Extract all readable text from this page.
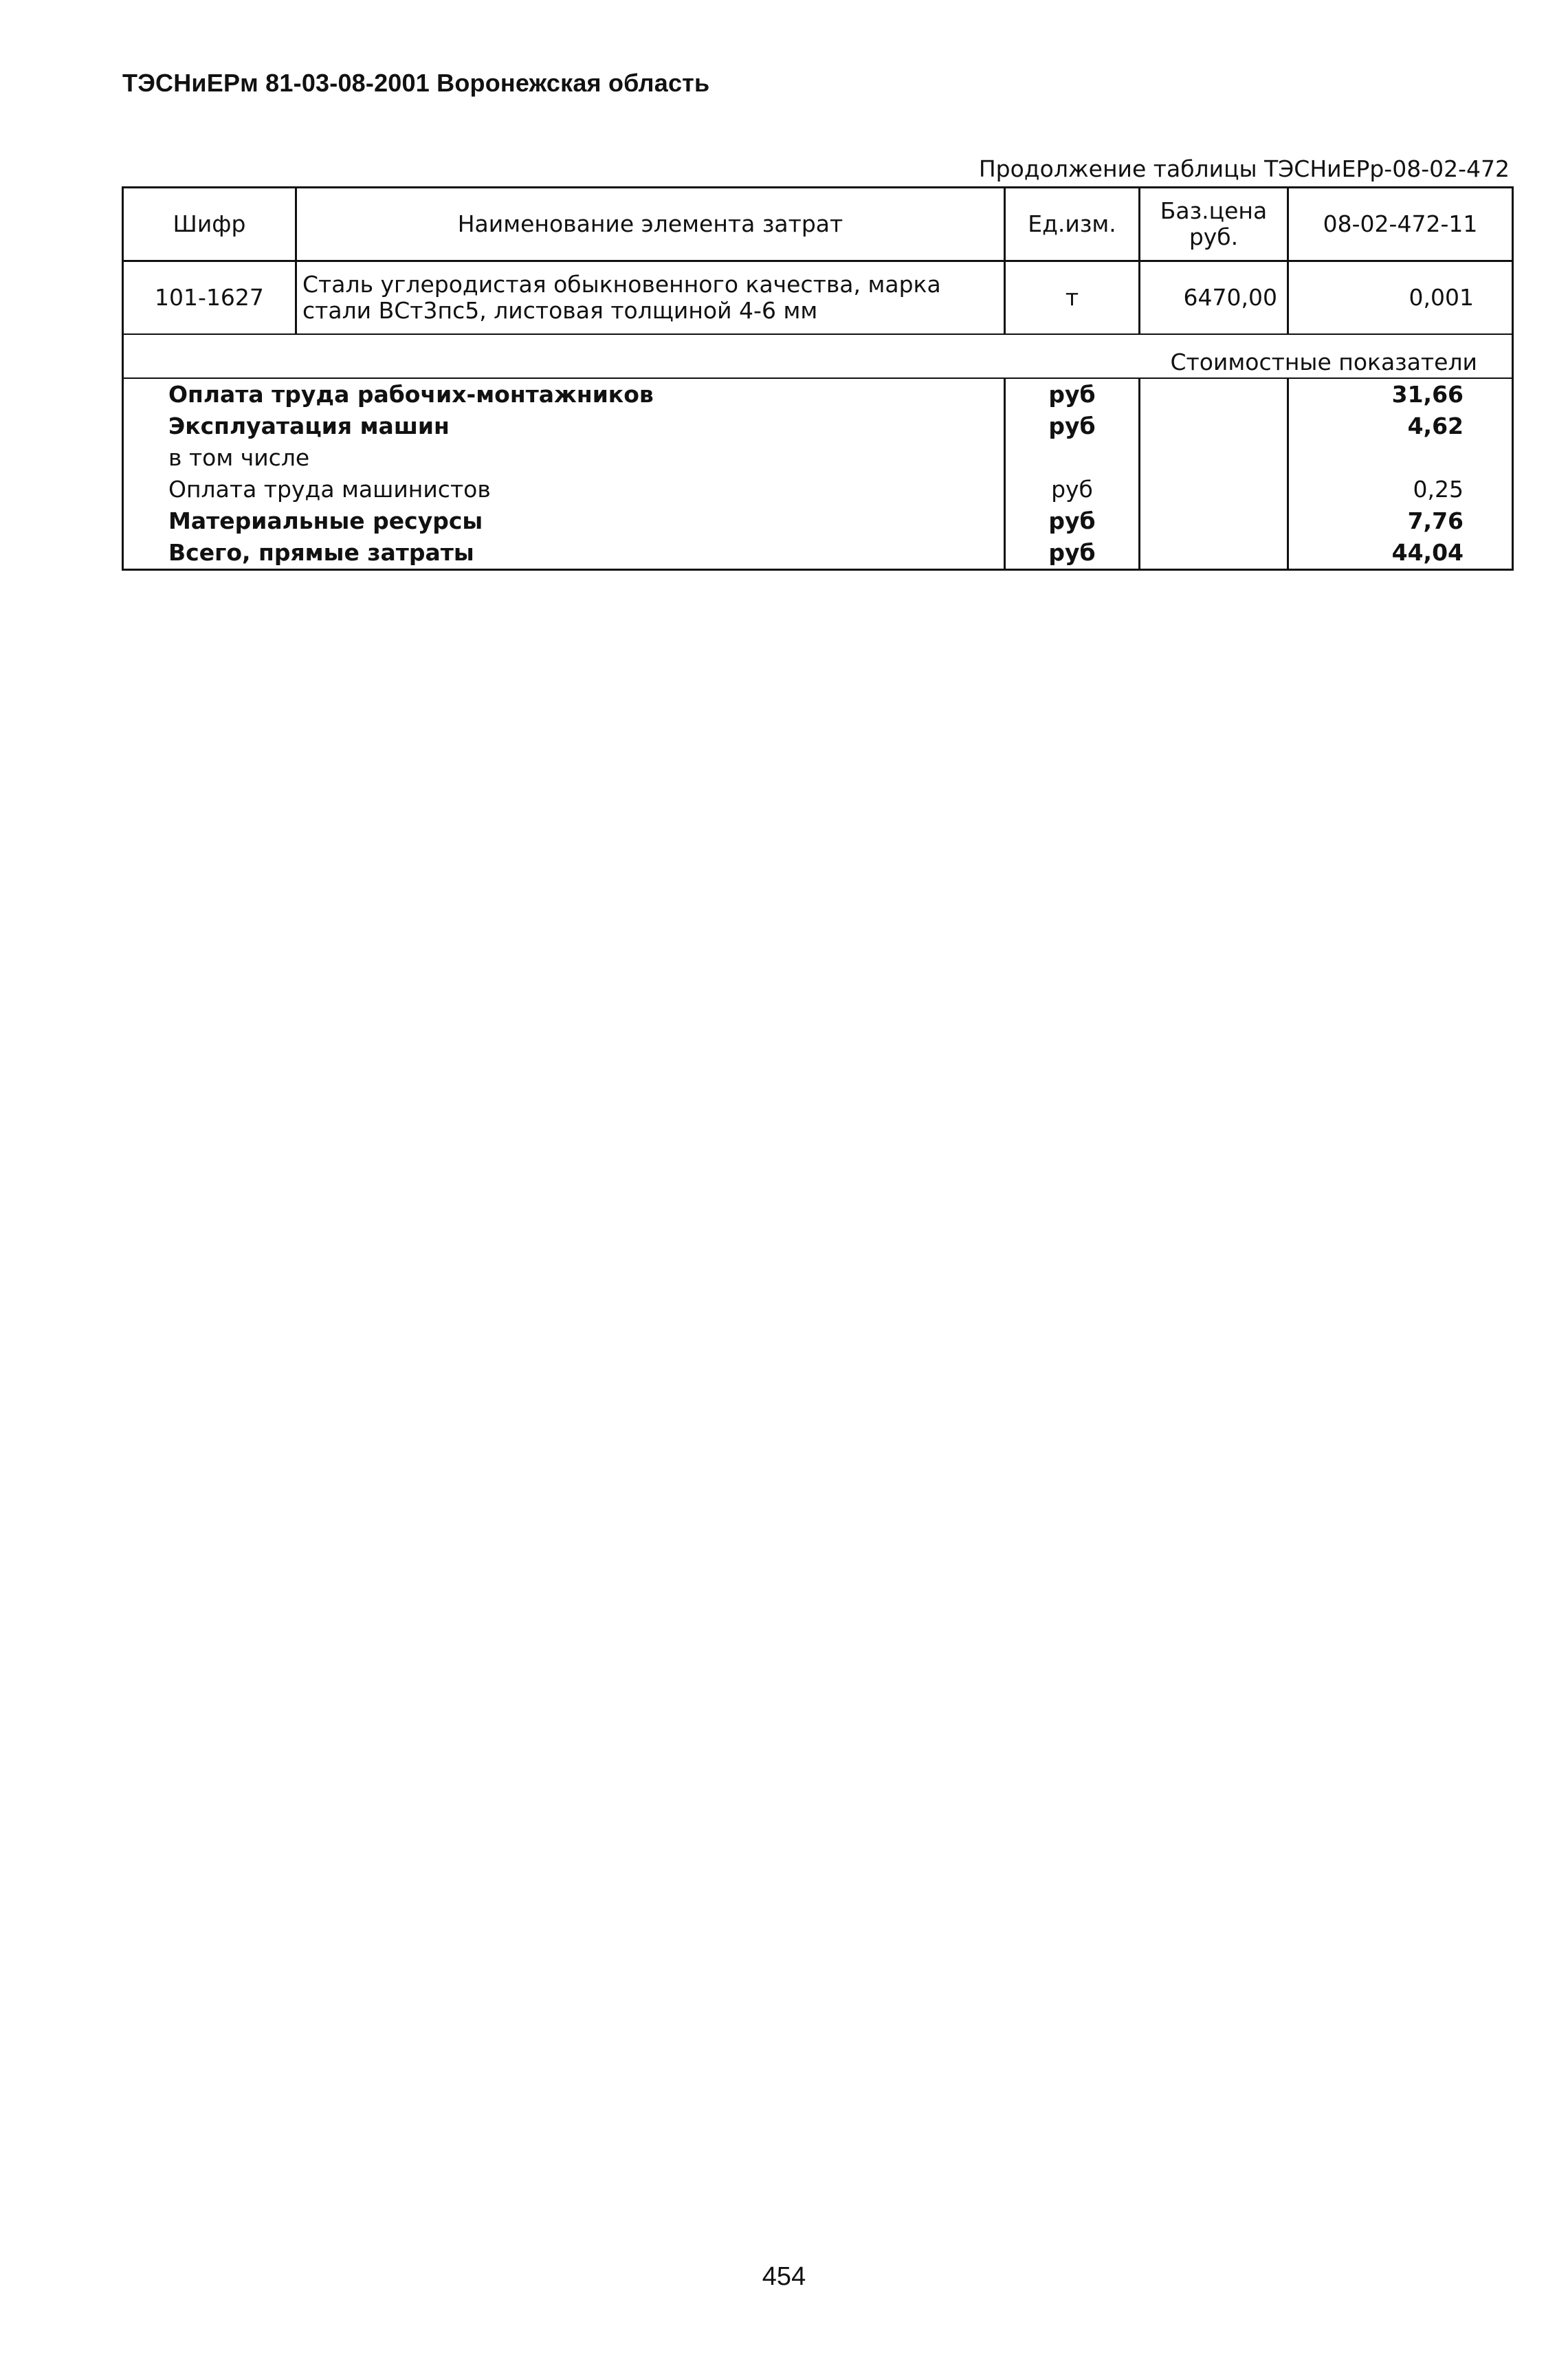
ТЭСНиЕРм 81-03-08-2001 Воронежская область
Продолжение таблицы ТЭСНиЕРр-08-02-472
Шифр	Наименование элемента затрат	Ед.изм.	Баз.цена руб.	08-02-472-11
101-1627	Сталь углеродистая обыкновенного качества, марка стали ВСт3пс5, листовая толщиной 4-6 мм	т	6470,00	0,001
Стоимостные показатели				
Оплата труда рабочих-монтажников		руб		31,66
Эксплуатация машин		руб		4,62
в том числе				
Оплата труда машинистов		руб		0,25
Материальные ресурсы		руб		7,76
Всего, прямые затраты		руб		44,04
454
